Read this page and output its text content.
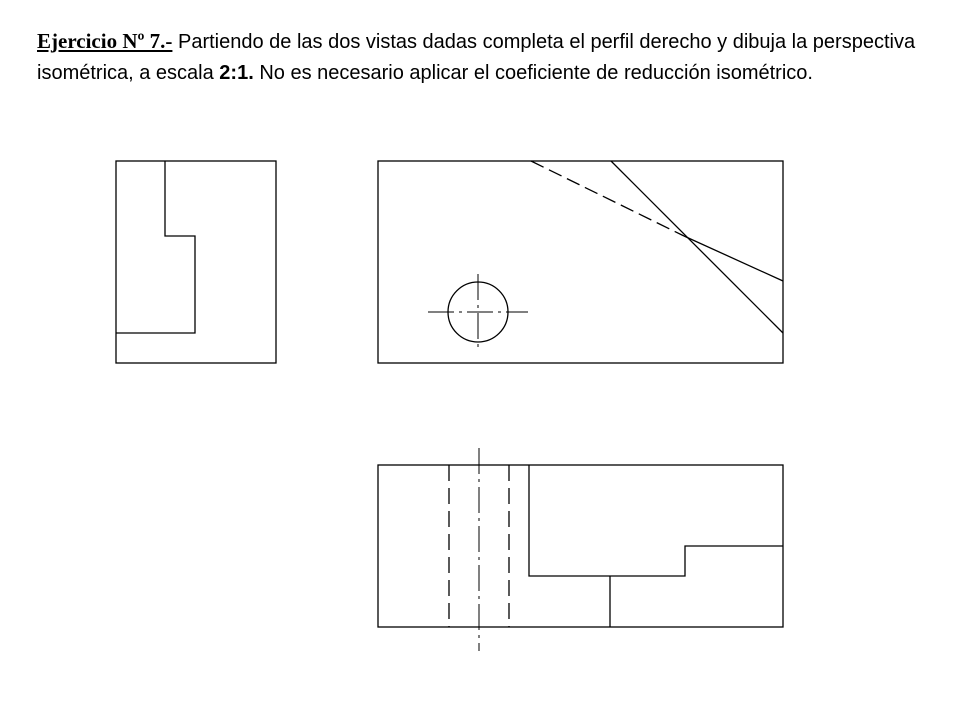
Ejercicio Nº 7.- Partiendo de las dos vistas dadas completa el perfil derecho y dibuja la perspectiva isométrica, a escala 2:1. No es necesario aplicar el coeficiente de reducción isométrico.
